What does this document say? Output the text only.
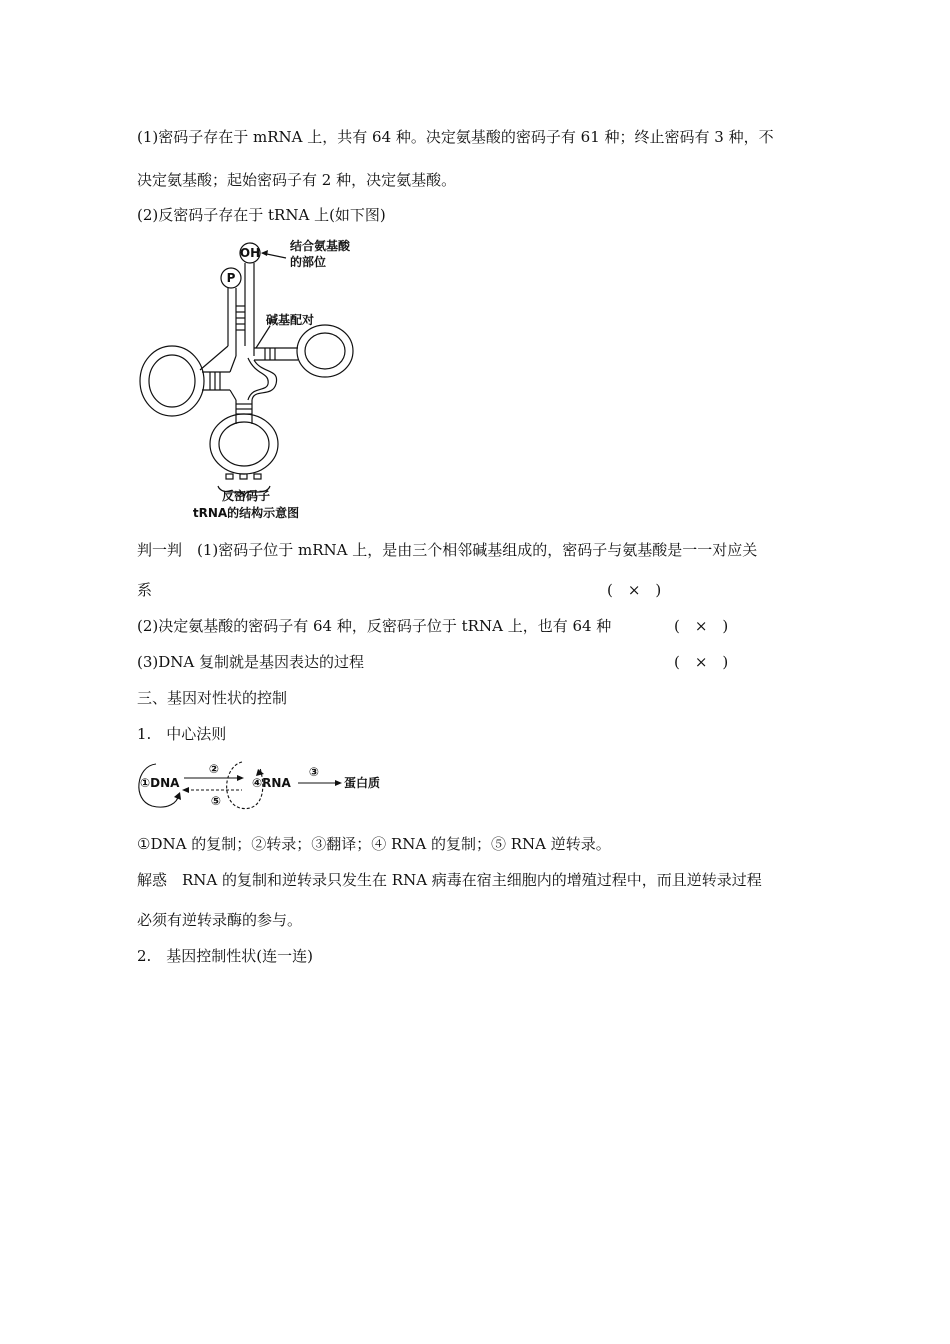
(1)密码子存在于 mRNA 上，共有 64 种。决定氨基酸的密码子有 61 种；终止密码有 3 种，不
决定氨基酸；起始密码子有 2 种，决定氨基酸。
(2)反密码子存在于 tRNA 上(如下图)
OH
P
结合氨基酸
的部位
碱基配对
反密码子
tRNA的结构示意图
判一判　(1)密码子位于 mRNA 上，是由三个相邻碱基组成的，密码子与氨基酸是一一对应关
系	(　×　)
(2)决定氨基酸的密码子有 64 种，反密码子位于 tRNA 上，也有 64 种	(　×　)
(3)DNA 复制就是基因表达的过程	(　×　)
三、基因对性状的控制
1.　中心法则
①DNA	④RNA	蛋白质
②	③
⑤
①DNA 的复制；②转录；③翻译；④ RNA 的复制；⑤ RNA 逆转录。
解惑　RNA 的复制和逆转录只发生在 RNA 病毒在宿主细胞内的增殖过程中，而且逆转录过程
必须有逆转录酶的参与。
2.　基因控制性状(连一连)
